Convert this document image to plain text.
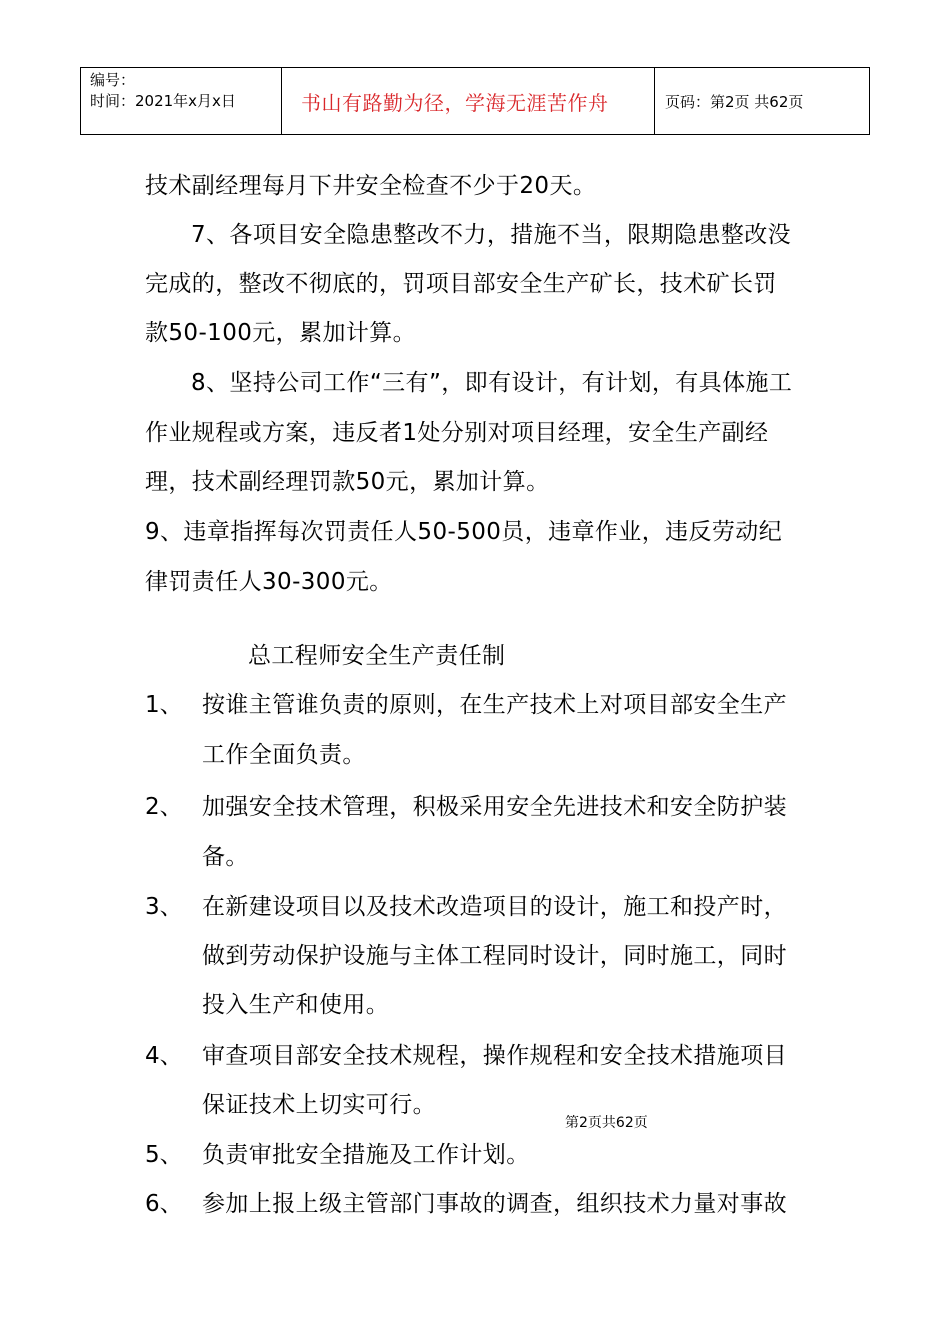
编号：
时间：2021年x月x日	书山有路勤为径，学海无涯苦作舟	页码：第2页 共62页
技术副经理每月下井安全检查不少于20天。
7、各项目安全隐患整改不力，措施不当，限期隐患整改没
完成的，整改不彻底的，罚项目部安全生产矿长，技术矿长罚
款50-100元，累加计算。
8、坚持公司工作“三有”，即有设计，有计划，有具体施工
作业规程或方案，违反者1处分别对项目经理，安全生产副经
理，技术副经理罚款50元，累加计算。
9、违章指挥每次罚责任人50-500员，违章作业，违反劳动纪
律罚责任人30-300元。
总工程师安全生产责任制
1、 按谁主管谁负责的原则，在生产技术上对项目部安全生产
工作全面负责。
2、 加强安全技术管理，积极采用安全先进技术和安全防护装
备。
3、 在新建设项目以及技术改造项目的设计，施工和投产时，
做到劳动保护设施与主体工程同时设计，同时施工，同时
投入生产和使用。
4、 审查项目部安全技术规程，操作规程和安全技术措施项目
保证技术上切实可行。
第2页共62页
5、 负责审批安全措施及工作计划。
6、 参加上报上级主管部门事故的调查，组织技术力量对事故
